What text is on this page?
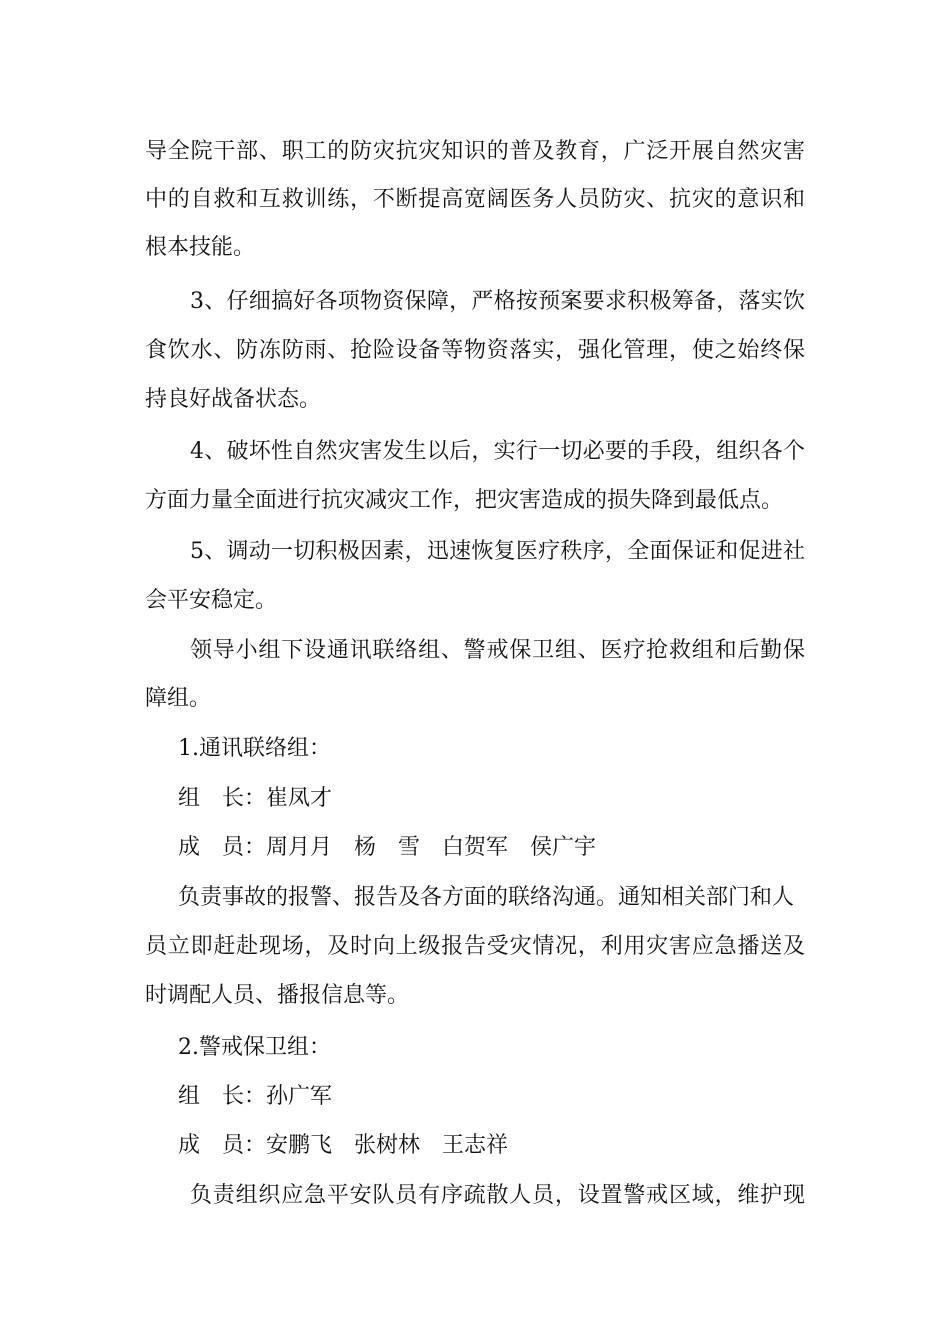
导全院干部、职工的防灾抗灾知识的普及教育，广泛开展自然灾害
中的自救和互救训练，不断提高宽阔医务人员防灾、抗灾的意识和
根本技能。
3、仔细搞好各项物资保障，严格按预案要求积极筹备，落实饮
食饮水、防冻防雨、抢险设备等物资落实，强化管理，使之始终保
持良好战备状态。
4、破坏性自然灾害发生以后，实行一切必要的手段，组织各个
方面力量全面进行抗灾减灾工作，把灾害造成的损失降到最低点。
5、调动一切积极因素，迅速恢复医疗秩序，全面保证和促进社
会平安稳定。
领导小组下设通讯联络组、警戒保卫组、医疗抢救组和后勤保
障组。
1.通讯联络组：
组　长：崔凤才
成　员：周月月　杨　雪　白贺军　侯广宇
负责事故的报警、报告及各方面的联络沟通。通知相关部门和人
员立即赶赴现场，及时向上级报告受灾情况，利用灾害应急播送及
时调配人员、播报信息等。
2.警戒保卫组：
组　长：孙广军
成　员：安鹏飞　张树林　王志祥
负责组织应急平安队员有序疏散人员，设置警戒区域，维护现
